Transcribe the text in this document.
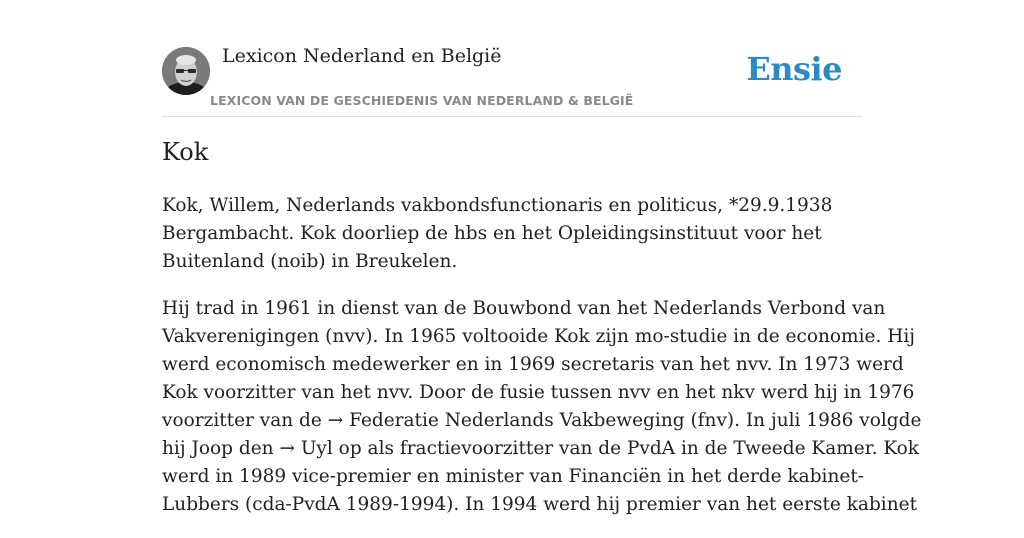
Lexicon Nederland en België
LEXICON VAN DE GESCHIEDENIS VAN NEDERLAND & BELGIË
Ensie
Kok

Kok, Willem, Nederlands vakbondsfunctionaris en politicus, *29.9.1938
Bergambacht. Kok doorliep de hbs en het Opleidingsinstituut voor het
Buitenland (noib) in Breukelen.

Hij trad in 1961 in dienst van de Bouwbond van het Nederlands Verbond van
Vakverenigingen (nvv). In 1965 voltooide Kok zijn mo-studie in de economie. Hij
werd economisch medewerker en in 1969 secretaris van het nvv. In 1973 werd
Kok voorzitter van het nvv. Door de fusie tussen nvv en het nkv werd hij in 1976
voorzitter van de → Federatie Nederlands Vakbeweging (fnv). In juli 1986 volgde
hij Joop den → Uyl op als fractievoorzitter van de PvdA in de Tweede Kamer. Kok
werd in 1989 vice-premier en minister van Financiën in het derde kabinet-
Lubbers (cda-PvdA 1989-1994). In 1994 werd hij premier van het eerste kabinet
